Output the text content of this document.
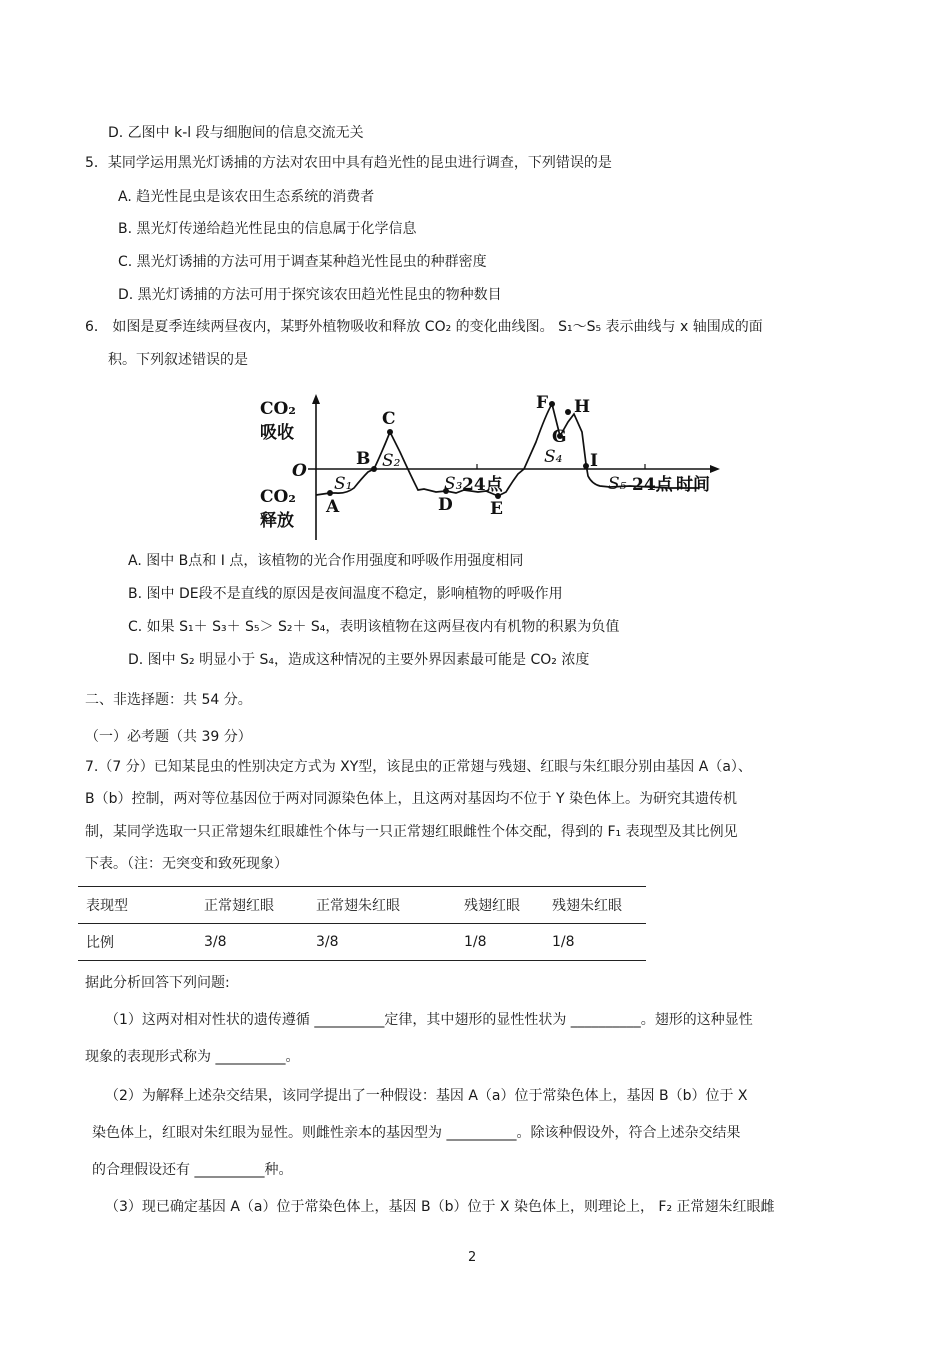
D. 乙图中 k-l 段与细胞间的信息交流无关
5．某同学运用黑光灯诱捕的方法对农田中具有趋光性的昆虫进行调查，下列错误的是
A. 趋光性昆虫是该农田生态系统的消费者
B. 黑光灯传递给趋光性昆虫的信息属于化学信息
C. 黑光灯诱捕的方法可用于调查某种趋光性昆虫的种群密度
D. 黑光灯诱捕的方法可用于探究该农田趋光性昆虫的物种数目
6． 如图是夏季连续两昼夜内，某野外植物吸收和释放 CO₂ 的变化曲线图。 S₁～S₅ 表示曲线与 x 轴围成的面
积。下列叙述错误的是
CO₂
吸收
CO₂
释放
O
时间
24点	24点
A
B
C
D E
F
G
H
I
S₁
S₂
S₃
S₄
S₅
A. 图中 B点和 I 点，该植物的光合作用强度和呼吸作用强度相同
B. 图中 DE段不是直线的原因是夜间温度不稳定，影响植物的呼吸作用
C. 如果 S₁＋ S₃＋ S₅＞ S₂＋ S₄，表明该植物在这两昼夜内有机物的积累为负值
D. 图中 S₂ 明显小于 S₄，造成这种情况的主要外界因素最可能是 CO₂ 浓度
二、非选择题：共 54 分。
（一）必考题（共 39 分）
7.（7 分）已知某昆虫的性别决定方式为 XY型，该昆虫的正常翅与残翅、红眼与朱红眼分别由基因 A（a）、
B（b）控制，两对等位基因位于两对同源染色体上，且这两对基因均不位于 Y 染色体上。为研究其遗传机
制，某同学选取一只正常翅朱红眼雄性个体与一只正常翅红眼雌性个体交配，得到的 F₁ 表现型及其比例见
下表。（注：无突变和致死现象）
表现型	正常翅红眼	正常翅朱红眼	残翅红眼	残翅朱红眼
比例	3/8	3/8	1/8	1/8
据此分析回答下列问题:
（1）这两对相对性状的遗传遵循 __________定律，其中翅形的显性性状为 __________。翅形的这种显性
现象的表现形式称为 __________。
（2）为解释上述杂交结果，该同学提出了一种假设：基因 A（a）位于常染色体上，基因 B（b）位于 X
染色体上，红眼对朱红眼为显性。则雌性亲本的基因型为 __________。除该种假设外，符合上述杂交结果
的合理假设还有 __________种。
（3）现已确定基因 A（a）位于常染色体上，基因 B（b）位于 X 染色体上，则理论上， F₂ 正常翅朱红眼雌
2
